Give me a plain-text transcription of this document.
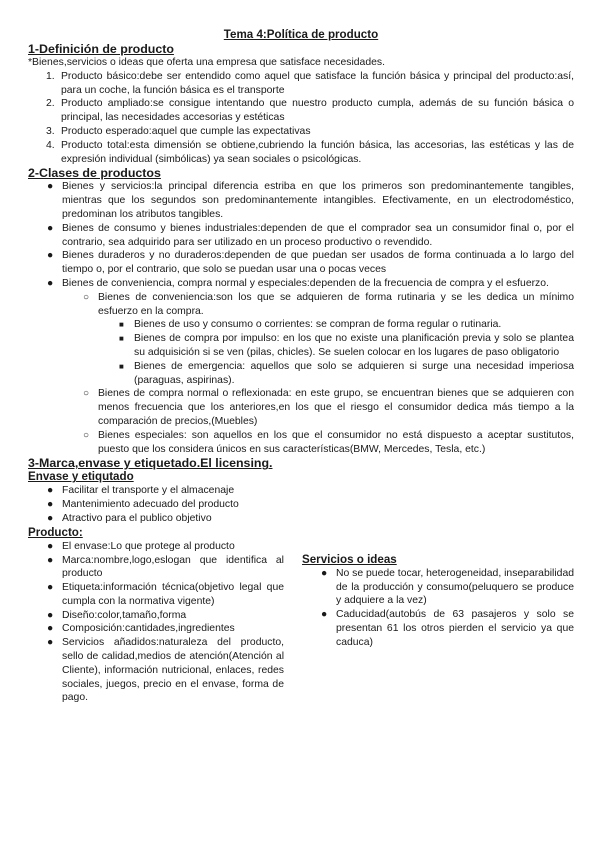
Tema 4:Política de producto
1-Definición de producto
*Bienes,servicios o ideas que oferta una empresa que satisface necesidades.
1. Producto básico:debe ser entendido como aquel que satisface la función básica y principal del producto:así, para un coche, la función básica es el transporte
2. Producto ampliado:se consigue intentando que nuestro producto cumpla, además de su función básica o principal, las necesidades accesorias y estéticas
3. Producto esperado:aquel que cumple las expectativas
4. Producto total:esta dimensión se obtiene,cubriendo la función básica, las accesorias, las estéticas y las de expresión individual (simbólicas) ya sean sociales o psicológicas.
2-Clases de productos
● Bienes y servicios:la principal diferencia estriba en que los primeros son predominantemente tangibles, mientras que los segundos son predominantemente intangibles. Efectivamente, en un electrodoméstico, predominan los atributos tangibles.
● Bienes de consumo y bienes industriales:dependen de que el comprador sea un consumidor final o, por el contrario, sea adquirido para ser utilizado en un proceso productivo o revendido.
● Bienes duraderos y no duraderos:dependen de que puedan ser usados de forma continuada a lo largo del tiempo o, por el contrario, que solo se puedan usar una o pocas veces
● Bienes de conveniencia, compra normal y especiales:dependen de la frecuencia de compra y el esfuerzo.
○ Bienes de conveniencia:son los que se adquieren de forma rutinaria y se les dedica un mínimo esfuerzo en la compra.
■ Bienes de uso y consumo o corrientes: se compran de forma regular o rutinaria.
■ Bienes de compra por impulso: en los que no existe una planificación previa y solo se plantea su adquisición si se ven (pilas, chicles). Se suelen colocar en los lugares de paso obligatorio
■ Bienes de emergencia: aquellos que solo se adquieren si surge una necesidad imperiosa (paraguas, aspirinas).
○ Bienes de compra normal o reflexionada: en este grupo, se encuentran bienes que se adquieren con menos frecuencia que los anteriores,en los que el riesgo el consumidor dedica más tiempo a la comparación de precios,(Muebles)
○ Bienes especiales: son aquellos en los que el consumidor no está dispuesto a aceptar sustitutos, puesto que los considera únicos en sus características(BMW, Mercedes, Tesla, etc.)
3-Marca,envase y etiquetado.El licensing.
Envase y etiqutado
● Facilitar el transporte y el almacenaje
● Mantenimiento adecuado del producto
● Atractivo para el publico objetivo
Producto:
● El envase:Lo que protege al producto
● Marca:nombre,logo,eslogan que identifica al producto
● Etiqueta:información técnica(objetivo legal que cumpla con la normativa vigente)
● Diseño:color,tamaño,forma
● Composición:cantidades,ingredientes
● Servicios añadidos:naturaleza del producto, sello de calidad,medios de atención(Atención al Cliente), información nutricional, enlaces, redes sociales, juegos, precio en el envase, forma de pago.
Servicios o ideas
● No se puede tocar, heterogeneidad, inseparabilidad de la producción y consumo(peluquero se produce y adquiere a la vez)
● Caducidad(autobús de 63 pasajeros y solo se presentan 61 los otros pierden el servicio ya que caduca)
